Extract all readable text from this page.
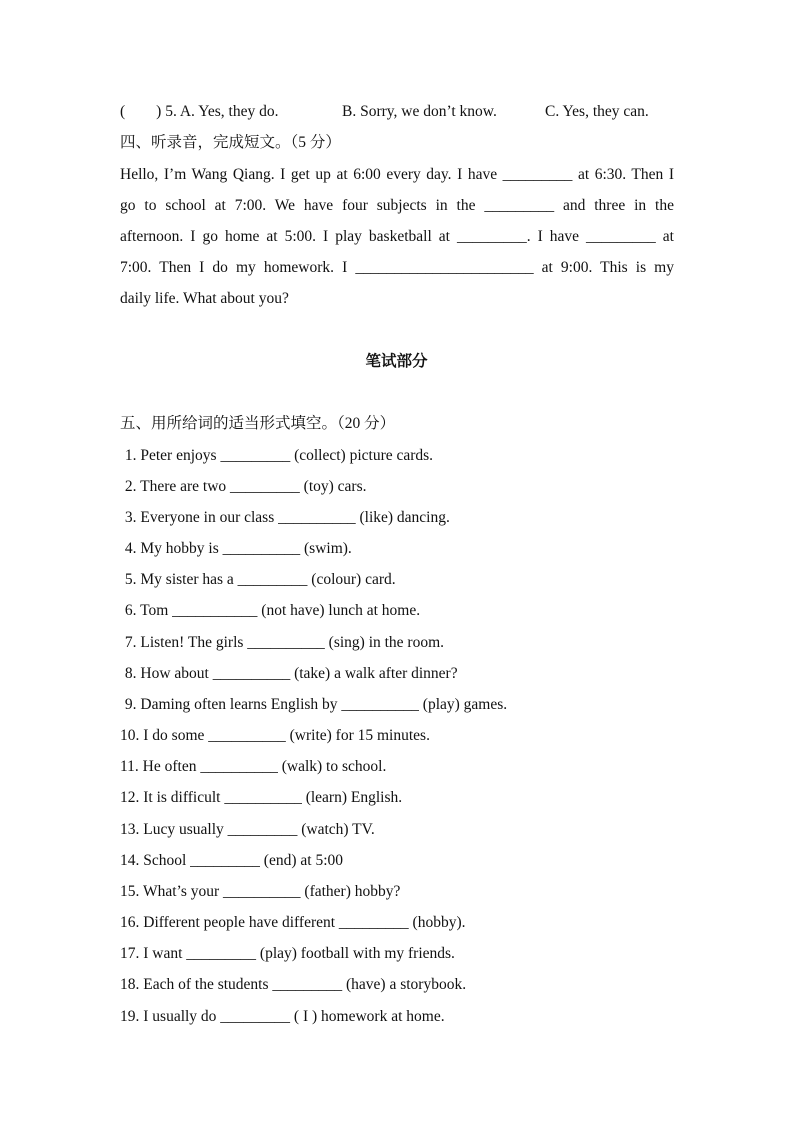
(        ) 5. A. Yes, they do.	B. Sorry, we don’t know.	C. Yes, they can.
四、听录音，完成短文。（5 分）
Hello, I’m Wang Qiang. I get up at 6:00 every day. I have _________ at 6:30. Then I
go to school at 7:00. We have four subjects in the _________ and three in the
afternoon. I go home at 5:00. I play basketball at _________. I have _________ at
7:00. Then I do my homework. I _______________________ at 9:00. This is my
daily life. What about you?
笔试部分
五、用所给词的适当形式填空。（20 分）
1. Peter enjoys _________ (collect) picture cards.
2. There are two _________ (toy) cars.
3. Everyone in our class __________ (like) dancing.
4. My hobby is __________ (swim).
5. My sister has a _________ (colour) card.
6. Tom ___________ (not have) lunch at home.
7. Listen! The girls __________ (sing) in the room.
8. How about __________ (take) a walk after dinner?
9. Daming often learns English by __________ (play) games.
10. I do some __________ (write) for 15 minutes.
11. He often __________ (walk) to school.
12. It is difficult __________ (learn) English.
13. Lucy usually _________ (watch) TV.
14. School _________ (end) at 5:00
15. What’s your __________ (father) hobby?
16. Different people have different _________ (hobby).
17. I want _________ (play) football with my friends.
18. Each of the students _________ (have) a storybook.
19. I usually do _________ ( I ) homework at home.
